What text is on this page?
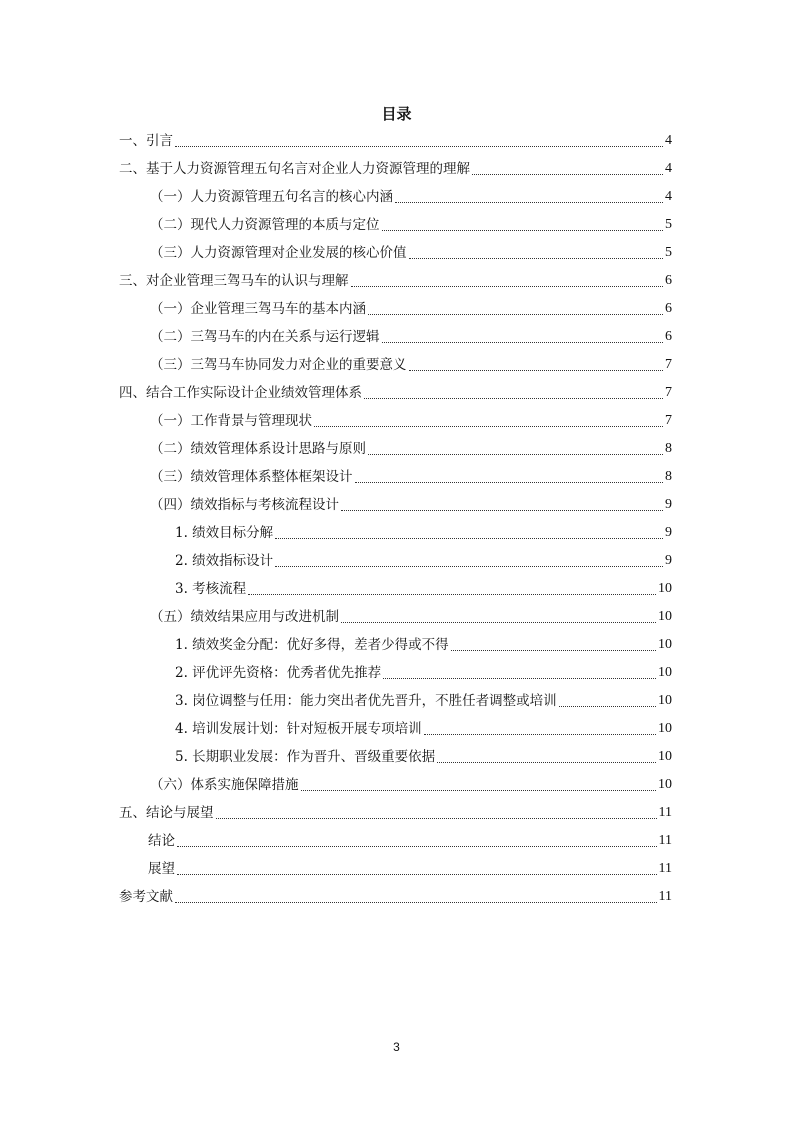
目录
一、引言	4
二、基于人力资源管理五句名言对企业人力资源管理的理解	4
（一）人力资源管理五句名言的核心内涵	4
（二）现代人力资源管理的本质与定位	5
（三）人力资源管理对企业发展的核心价值	5
三、对企业管理三驾马车的认识与理解	6
（一）企业管理三驾马车的基本内涵	6
（二）三驾马车的内在关系与运行逻辑	6
（三）三驾马车协同发力对企业的重要意义	7
四、结合工作实际设计企业绩效管理体系	7
（一）工作背景与管理现状	7
（二）绩效管理体系设计思路与原则	8
（三）绩效管理体系整体框架设计	8
（四）绩效指标与考核流程设计	9
1. 绩效目标分解	9
2. 绩效指标设计	9
3. 考核流程	10
（五）绩效结果应用与改进机制	10
1. 绩效奖金分配：优好多得，差者少得或不得	10
2. 评优评先资格：优秀者优先推荐	10
3. 岗位调整与任用：能力突出者优先晋升，不胜任者调整或培训	10
4. 培训发展计划：针对短板开展专项培训	10
5. 长期职业发展：作为晋升、晋级重要依据	10
（六）体系实施保障措施	10
五、结论与展望	11
结论	11
展望	11
参考文献	11
3
